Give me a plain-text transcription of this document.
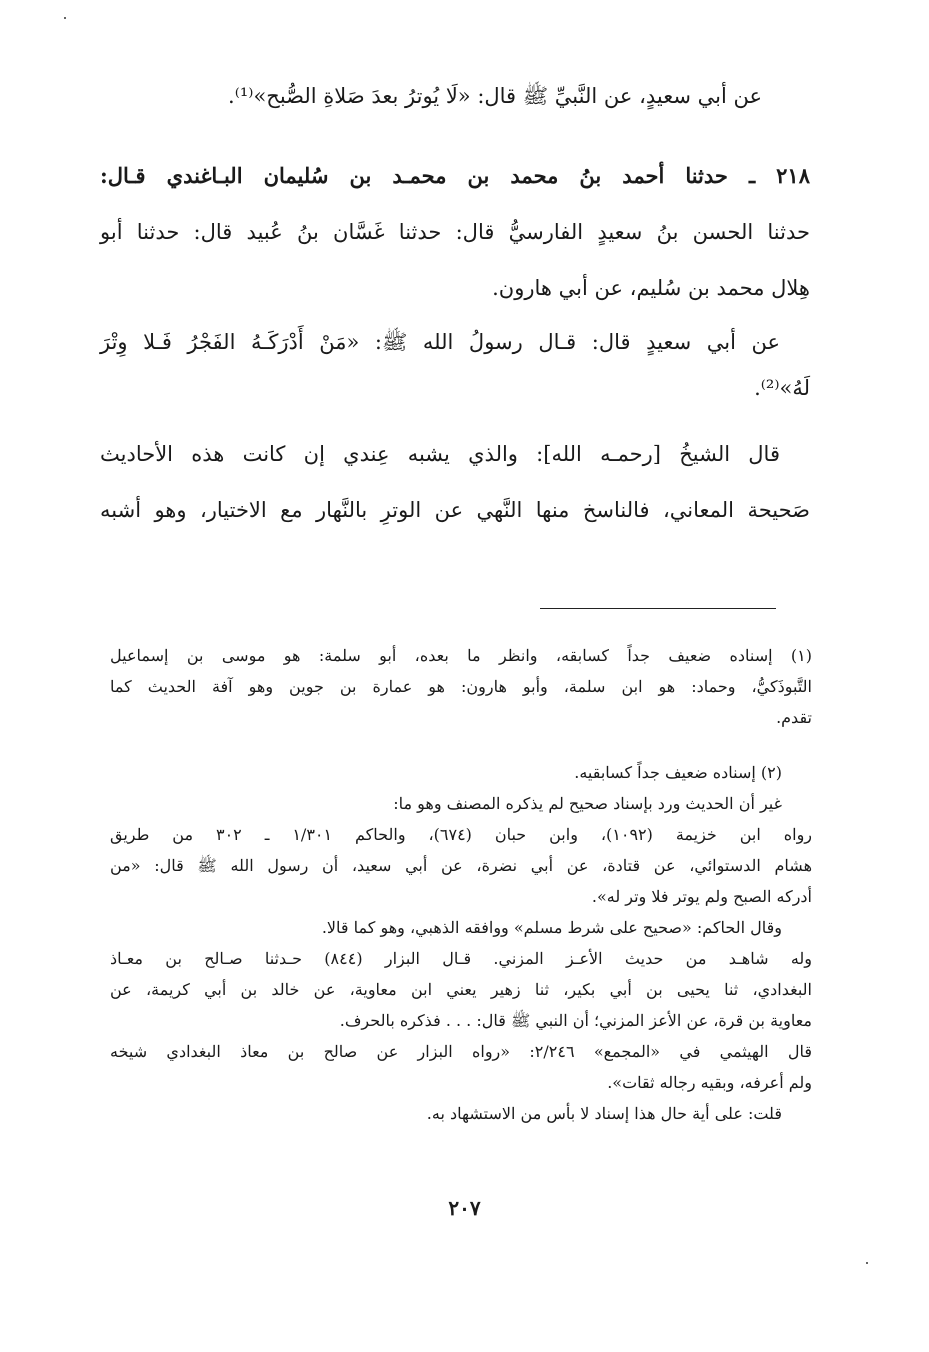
عن أبي سعيدٍ، عن النَّبيِّ ﷺ قال: «لَا يُوترُ بعدَ صَلاةِ الصُّبح»⁽¹⁾.
٢١٨ ـ حدثنا أحمد بنُ محمد بن محمـد بن سُليمان البـاغندي قـال:
حدثنا الحسن بنُ سعيدٍ الفارسيُّ قال: حدثنا غَسَّان بنُ عُبيد قال: حدثنا أبو
هِلال محمد بن سُليم، عن أبي هارون.
عن أبي سعيدٍ قال: قـال رسولُ الله ﷺ: «مَنْ أَدْرَكَـهُ الفَجْرُ فَـلا وِتْرَ
لَهُ»⁽²⁾.
قال الشيخُ [رحمـه الله]: والذي يشبه عِندي إن كانت هذه الأحاديث
صَحيحة المعاني، فالناسخ منها النَّهي عن الوترِ بالنَّهار مع الاختيار، وهو أشبه
(١) إسناده ضعيف جداً كسابقه، وانظر ما بعده، أبو سلمة: هو موسى بن إسماعيل
التَّبوذَكيُّ، وحماد: هو ابن سلمة، وأبو هارون: هو عمارة بن جوين وهو آفة الحديث كما
تقدم.
(٢) إسناده ضعيف جداً كسابقيه.
غير أن الحديث ورد بإسناد صحيح لم يذكره المصنف وهو ما:
رواه ابن خزيمة (١٠٩٢)، وابن حبان (٦٧٤)، والحاكم ١/٣٠١ ـ ٣٠٢ من طريق
هشام الدستوائي، عن قتادة، عن أبي نضرة، عن أبي سعيد، أن رسول الله ﷺ قال: «من
أدركه الصبح ولم يوتر فلا وتر له».
وقال الحاكم: «صحيح على شرط مسلم» ووافقه الذهبي، وهو كما قالا.
وله شاهـد من حديث الأعـز المزني. قـال البزار (٨٤٤) حـدثنا صـالح بن معـاذ
البغدادي، ثنا يحيى بن أبي بكير، ثنا زهير يعني ابن معاوية، عن خالد بن أبي كريمة، عن
معاوية بن قرة، عن الأعز المزني؛ أن النبي ﷺ قال: . . . فذكره بالحرف.
قال الهيثمي في «المجمع» ٢/٢٤٦: «رواه البزار عن صالح بن معاذ البغدادي شيخه
ولم أعرفه، وبقيه رجاله ثقات».
قلت: على أية حال هذا إسناد لا بأس من الاستشهاد به.
٢٠٧
